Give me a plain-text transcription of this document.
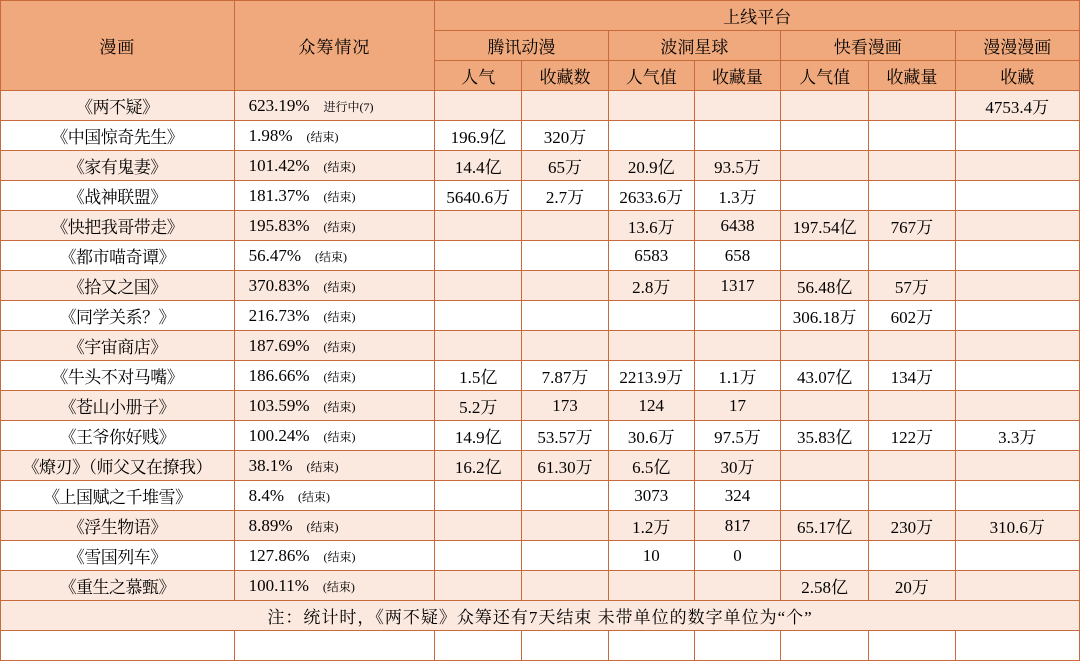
漫画	众筹情况	上线平台						
		腾讯动漫		波洞星球		快看漫画		漫漫漫画
		人气	收藏数	人气值	收藏量	人气值	收藏量	收藏
《两不疑》	623.19% 进行中(7)							4753.4万
《中国惊奇先生》	1.98% (结束)	196.9亿	320万					
《家有鬼妻》	101.42% (结束)	14.4亿	65万	20.9亿	93.5万			
《战神联盟》	181.37% (结束)	5640.6万	2.7万	2633.6万	1.3万			
《快把我哥带走》	195.83% (结束)			13.6万	6438	197.54亿	767万	
《都市喵奇谭》	56.47% (结束)			6583	658			
《拾又之国》	370.83% (结束)			2.8万	1317	56.48亿	57万	
《同学关系？》	216.73% (结束)					306.18万	602万	
《宇宙商店》	187.69% (结束)							

《牛头不对马嘴》	186.66% (结束)	1.5亿	7.87万	2213.9万	1.1万	43.07亿	134万	
《苍山小册子》	103.59% (结束)	5.2万	173	124	17			
《王爷你好贱》	100.24% (结束)	14.9亿	53.57万	30.6万	97.5万	35.83亿	122万	3.3万
《燎刃》（师父又在撩我）	38.1% (结束)	16.2亿	61.30万	6.5亿	30万			
《上国赋之千堆雪》	8.4% (结束)			3073	324			
《浮生物语》	8.89% (结束)			1.2万	817	65.17亿	230万	310.6万
《雪国列车》	127.86% (结束)			10	0			
《重生之慕甄》	100.11% (结束)					2.58亿	20万	
注：统计时，《两不疑》众筹还有7天结束 未带单位的数字单位为“个”								
